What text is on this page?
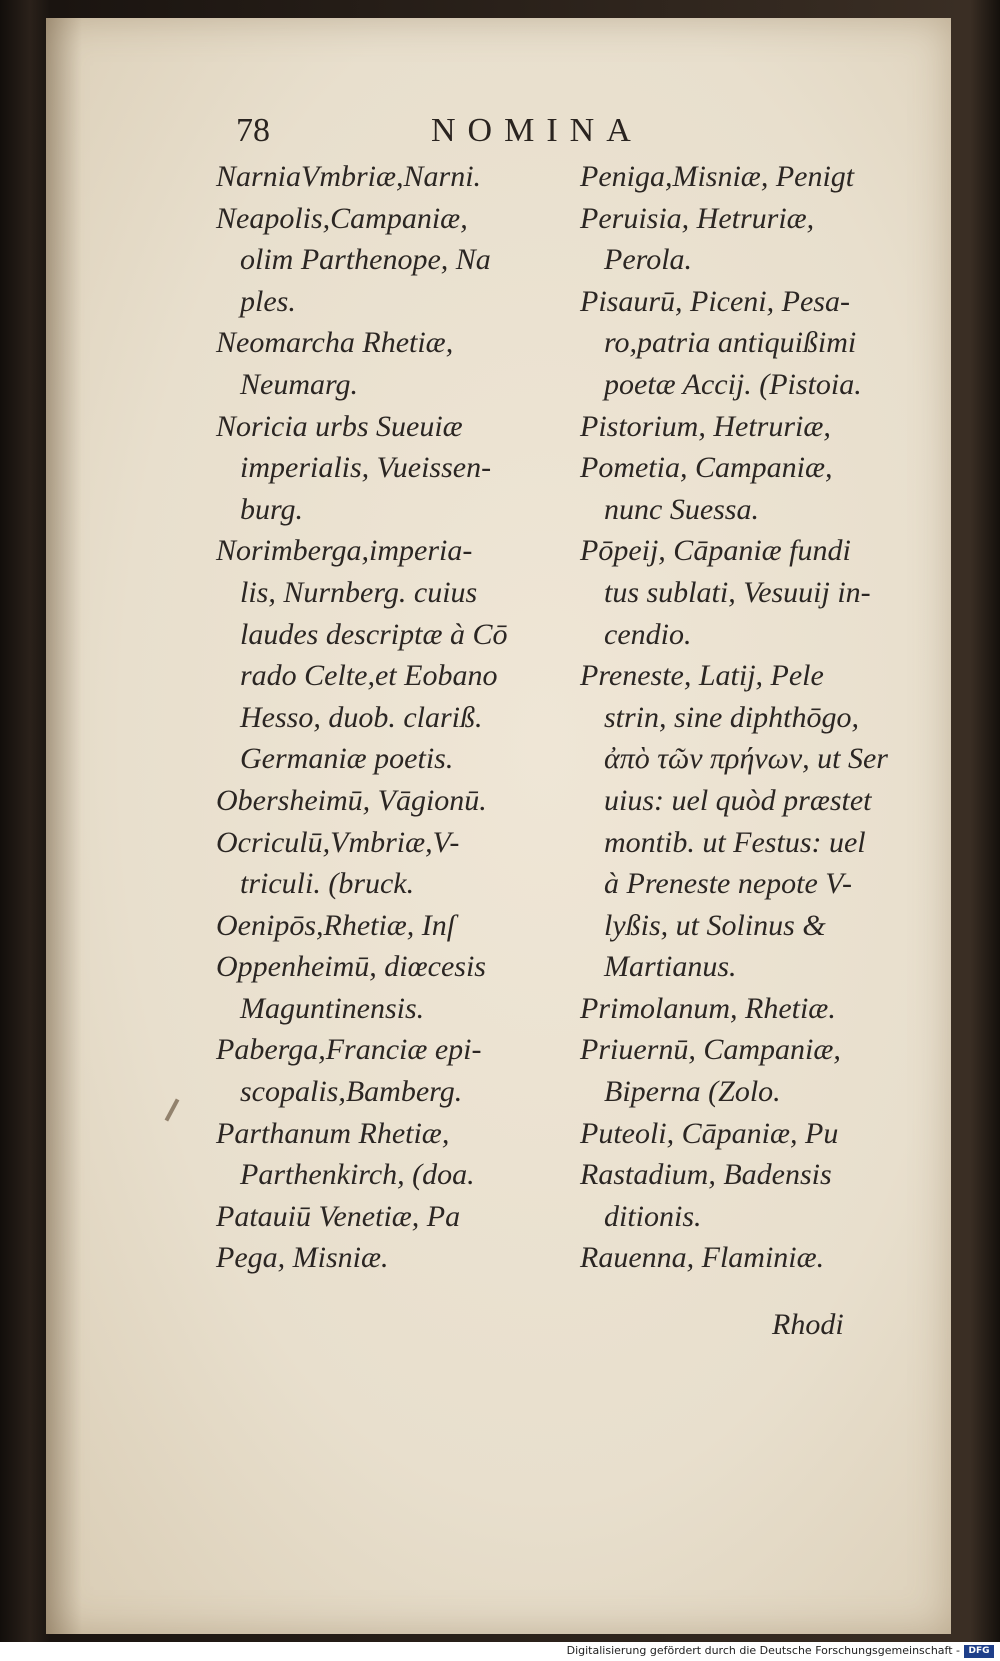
78	NOMINA
NarniaVmbriæ,Narni.
Neapolis,Campaniæ,
olim Parthenope, Na
ples.
Neomarcha Rhetiæ,
Neumarg.
Noricia urbs Sueuiæ
imperialis, Vueissen-
burg.
Norimberga,imperia-
lis, Nurnberg. cuius
laudes descriptæ à Cō
rado Celte,et Eobano
Hesso, duob. clariß.
Germaniæ poetis.
Obersheimū, Vāgionū.
Ocriculū,Vmbriæ,V-
triculi. (bruck.
Oenipōs,Rhetiæ, Inſ
Oppenheimū, diœcesis
Maguntinensis.
Paberga,Franciæ epi-
scopalis,Bamberg.
Parthanum Rhetiæ,
Parthenkirch, (doa.
Patauiū Venetiæ, Pa
Pega, Misniæ.
Peniga,Misniæ, Penigt
Peruisia, Hetruriæ,
Perola.
Pisaurū, Piceni, Pesa-
ro,patria antiquißimi
poetæ Accij. (Pistoia.
Pistorium, Hetruriæ,
Pometia, Campaniæ,
nunc Suessa.
Pōpeij, Cāpaniæ fundi
tus sublati, Vesuuij in-
cendio.
Preneste, Latij, Pele
strin, sine diphthōgo,
ἀπὸ τῶν πρήνων, ut Ser
uius: uel quòd præstet
montib. ut Festus: uel
à Preneste nepote V-
lyßis, ut Solinus &
Martianus.
Primolanum, Rhetiæ.
Priuernū, Campaniæ,
Biperna (Zolo.
Puteoli, Cāpaniæ, Pu
Rastadium, Badensis
ditionis.
Rauenna, Flaminiæ.
Rhodi
Digitalisierung gefördert durch die Deutsche Forschungsgemeinschaft - DFG
